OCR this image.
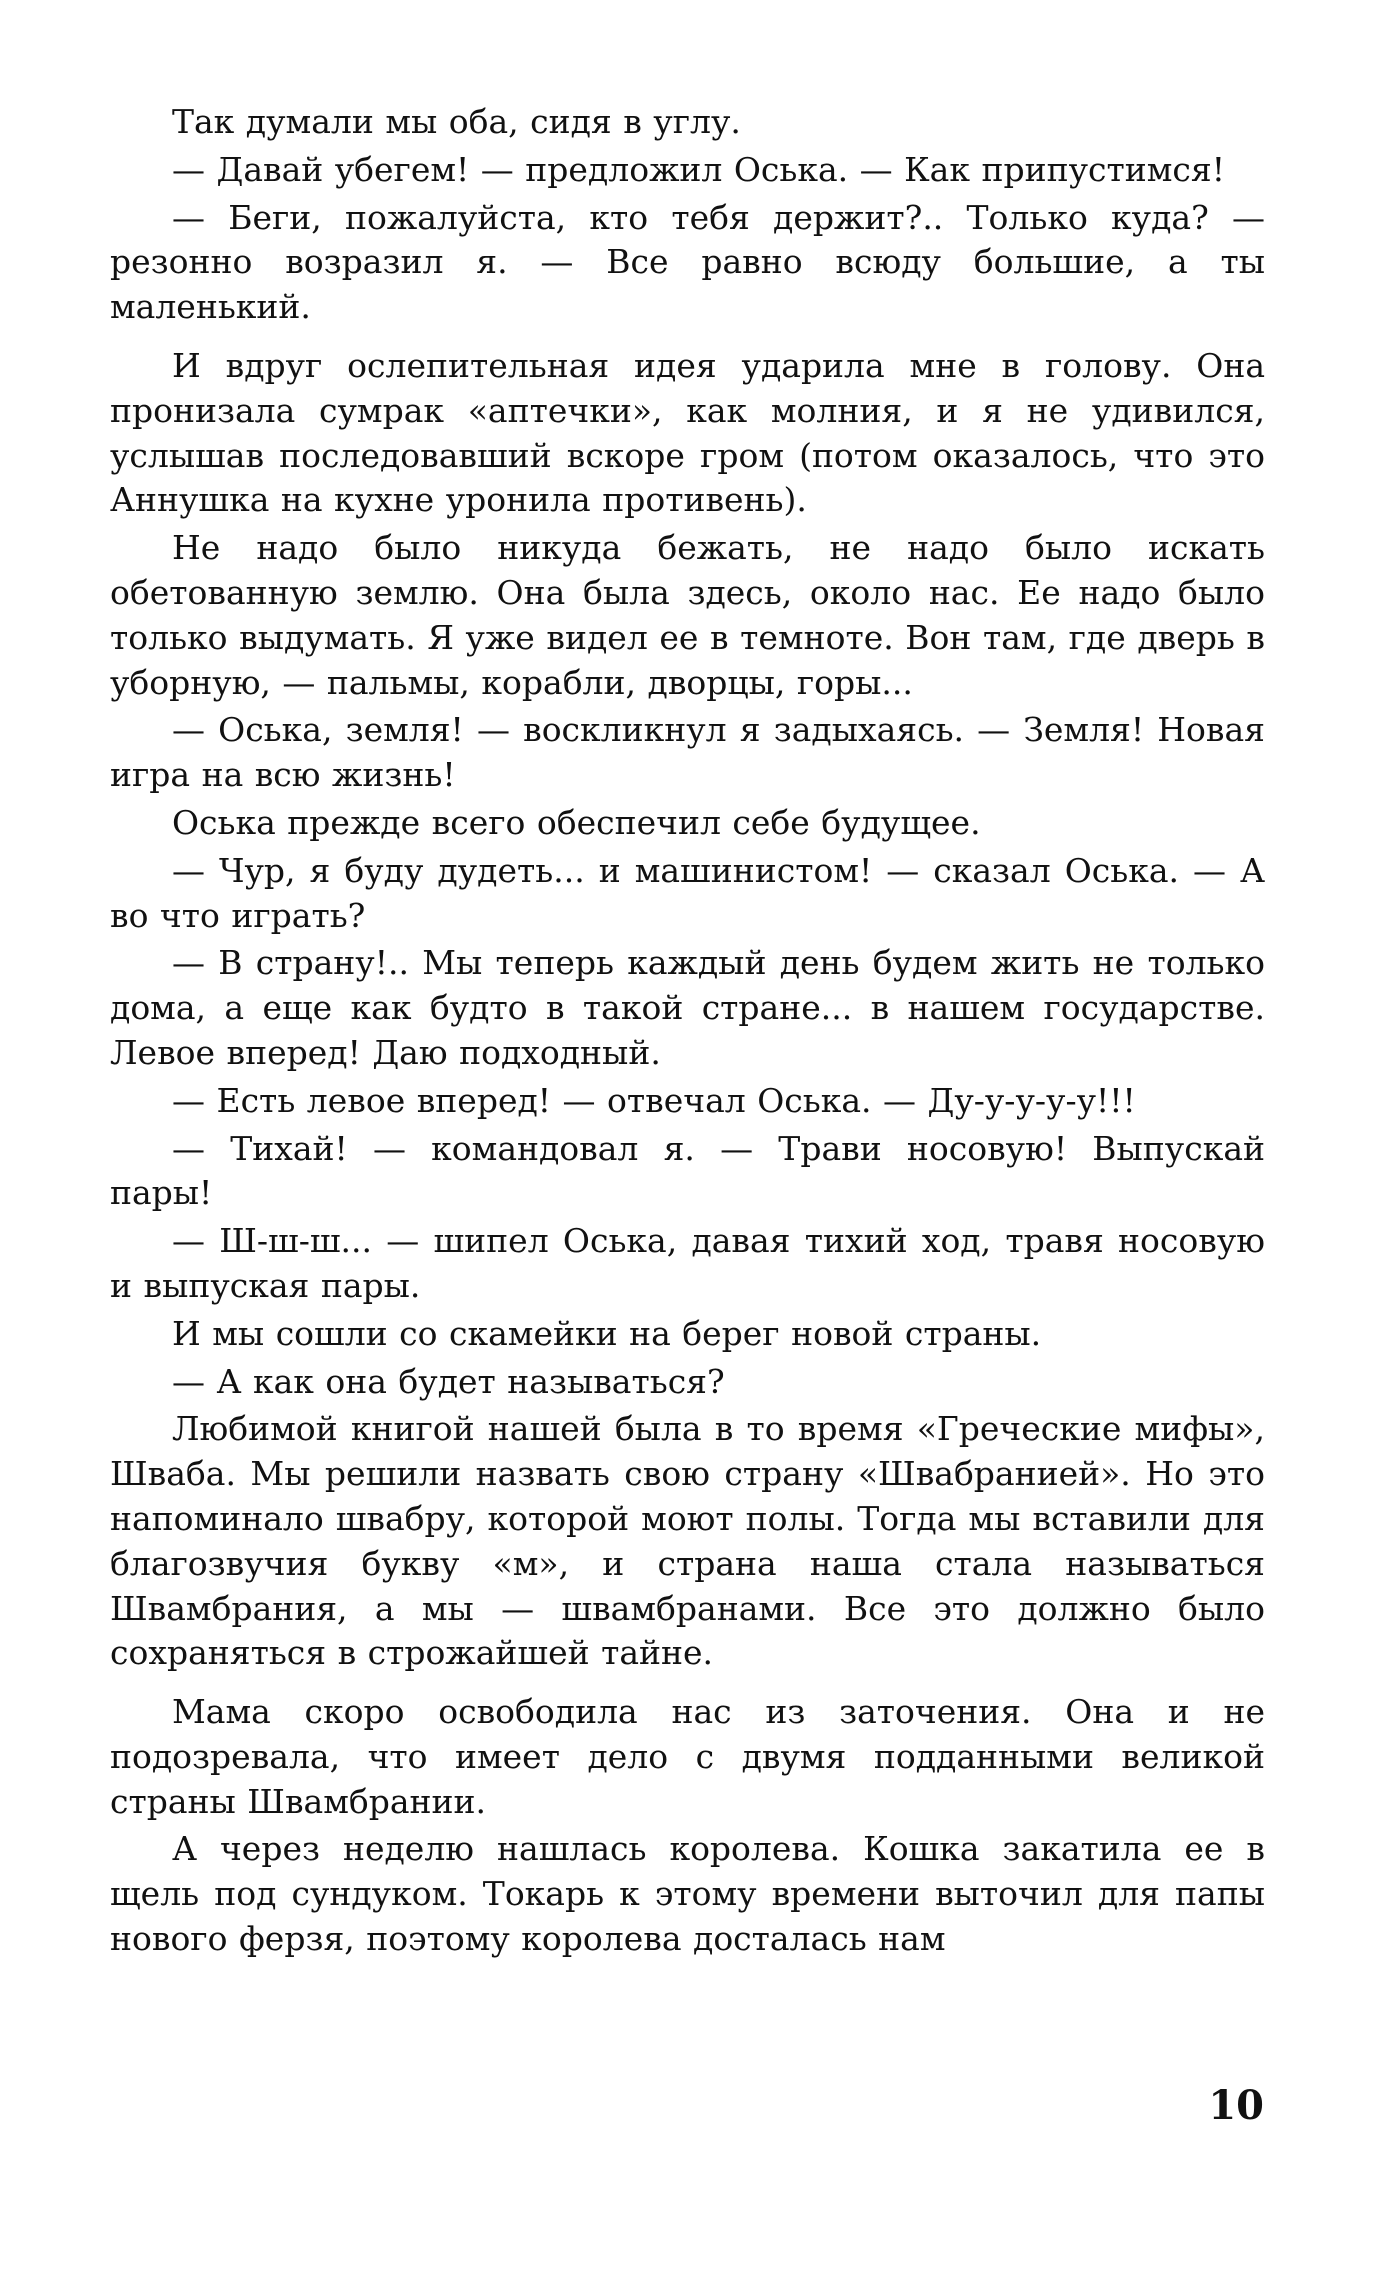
Так думали мы оба, сидя в углу.

— Давай убегем! — предложил Оська. — Как припустимся!

— Беги, пожалуйста, кто тебя держит?.. Только куда? — резонно возразил я. — Все равно всюду большие, а ты маленький.

И вдруг ослепительная идея ударила мне в голову. Она пронизала сумрак «аптечки», как молния, и я не удивился, услышав последовавший вскоре гром (потом оказалось, что это Аннушка на кухне уронила противень).

Не надо было никуда бежать, не надо было искать обетованную землю. Она была здесь, около нас. Ее надо было только выдумать. Я уже видел ее в темноте. Вон там, где дверь в уборную, — пальмы, корабли, дворцы, горы...

— Оська, земля! — воскликнул я задыхаясь. — Земля! Новая игра на всю жизнь!

Оська прежде всего обеспечил себе будущее.

— Чур, я буду дудеть... и машинистом! — сказал Оська. — А во что играть?

— В страну!.. Мы теперь каждый день будем жить не только дома, а еще как будто в такой стране... в нашем государстве. Левое вперед! Даю подходный.

— Есть левое вперед! — отвечал Оська. — Ду-у-у-у-у!!!

— Тихай! — командовал я. — Трави носовую! Выпускай пары!

— Ш-ш-ш... — шипел Оська, давая тихий ход, травя носовую и выпуская пары.

И мы сошли со скамейки на берег новой страны.

— А как она будет называться?

Любимой книгой нашей была в то время «Греческие мифы», Шваба. Мы решили назвать свою страну «Швабранией». Но это напоминало швабру, которой моют полы. Тогда мы вставили для благозвучия букву «м», и страна наша стала называться Швамбрания, а мы — швамбранами. Все это должно было сохраняться в строжайшей тайне.

Мама скоро освободила нас из заточения. Она и не подозревала, что имеет дело с двумя подданными великой страны Швамбрании.

А через неделю нашлась королева. Кошка закатила ее в щель под сундуком. Токарь к этому времени выточил для папы нового ферзя, поэтому королева досталась нам

10
